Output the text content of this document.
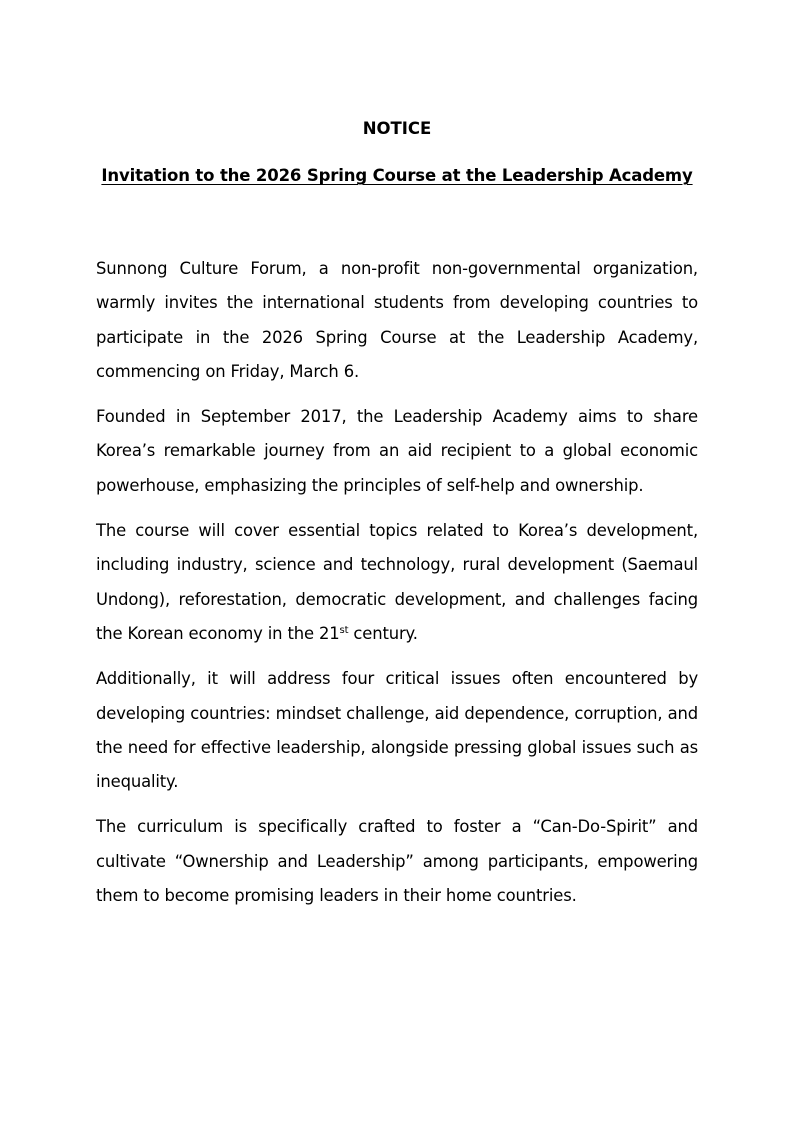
NOTICE
Invitation to the 2026 Spring Course at the Leadership Academy

Sunnong Culture Forum, a non-profit non-governmental organization, warmly invites the international students from developing countries to participate in the 2026 Spring Course at the Leadership Academy, commencing on Friday, March 6.

Founded in September 2017, the Leadership Academy aims to share Korea’s remarkable journey from an aid recipient to a global economic powerhouse, emphasizing the principles of self-help and ownership.

The course will cover essential topics related to Korea’s development, including industry, science and technology, rural development (Saemaul Undong), reforestation, democratic development, and challenges facing the Korean economy in the 21st century.

Additionally, it will address four critical issues often encountered by developing countries: mindset challenge, aid dependence, corruption, and the need for effective leadership, alongside pressing global issues such as inequality.

The curriculum is specifically crafted to foster a “Can-Do-Spirit” and cultivate “Ownership and Leadership” among participants, empowering them to become promising leaders in their home countries.
